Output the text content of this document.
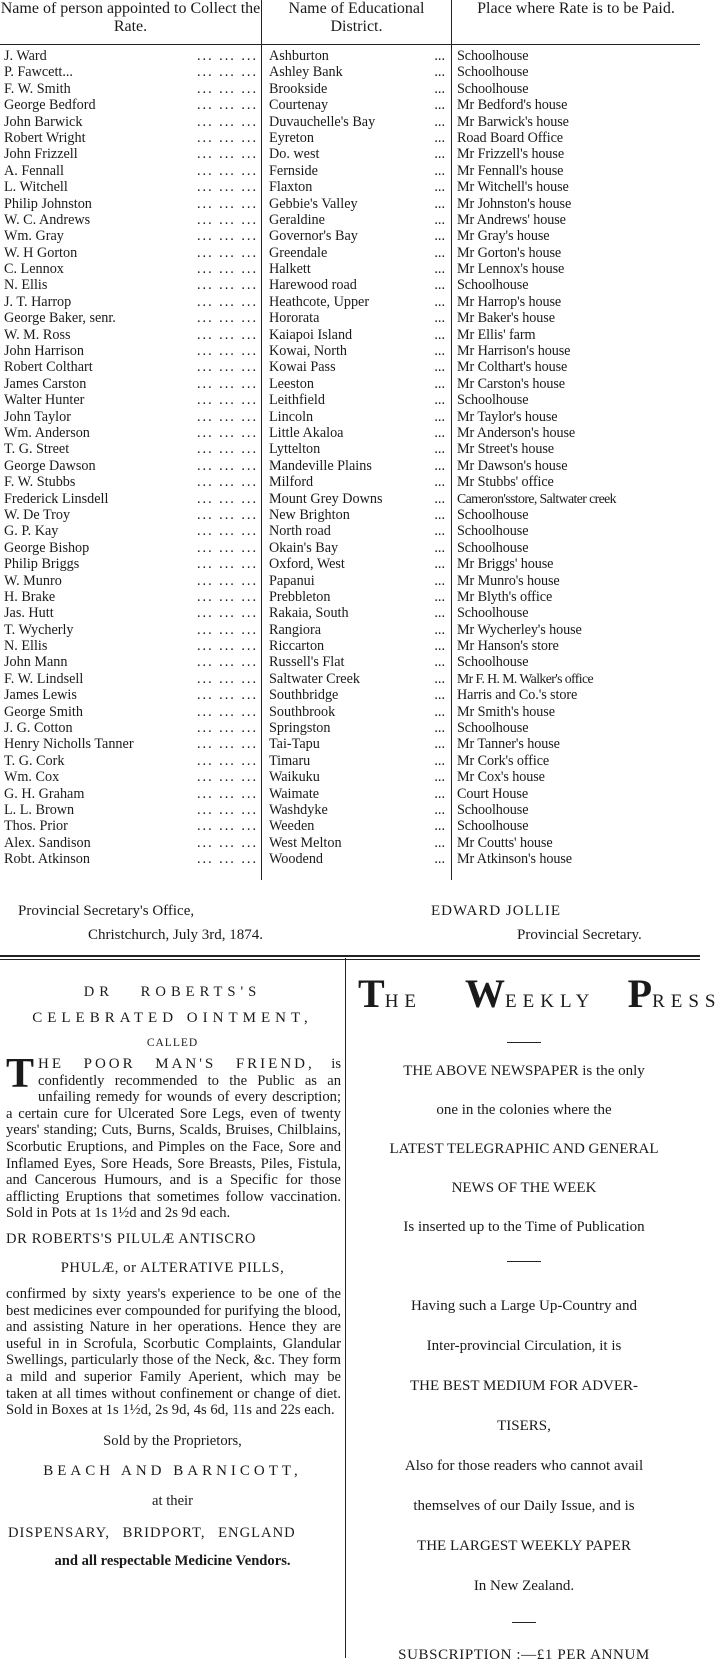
Name of person appointed to Collect the Rate.
Name of Educational District.
Place where Rate is to be Paid.
J. Ward	... ... ... Ashburton	... Schoolhouse
P. Fawcett...	... ... ... Ashley Bank	... Schoolhouse
F. W. Smith	... ... ... Brookside	... Schoolhouse
George Bedford	... ... ... Courtenay	... Mr Bedford's house
John Barwick	... ... ... Duvauchelle's Bay	... Mr Barwick's house
Robert Wright	... ... ... Eyreton	... Road Board Office
John Frizzell	... ... ... Do. west	... Mr Frizzell's house
A. Fennall	... ... ... Fernside	... Mr Fennall's house
L. Witchell	... ... ... Flaxton	... Mr Witchell's house
Philip Johnston	... ... ... Gebbie's Valley	... Mr Johnston's house
W. C. Andrews	... ... ... Geraldine	... Mr Andrews' house
Wm. Gray	... ... ... Governor's Bay	... Mr Gray's house
W. H Gorton	... ... ... Greendale	... Mr Gorton's house
C. Lennox	... ... ... Halkett	... Mr Lennox's house
N. Ellis	... ... ... Harewood road	... Schoolhouse
J. T. Harrop	... ... ... Heathcote, Upper	... Mr Harrop's house
George Baker, senr.	... ... ... Hororata	... Mr Baker's house
W. M. Ross	... ... ... Kaiapoi Island	... Mr Ellis' farm
John Harrison	... ... ... Kowai, North	... Mr Harrison's house
Robert Colthart	... ... ... Kowai Pass	... Mr Colthart's house
James Carston	... ... ... Leeston	... Mr Carston's house
Walter Hunter	... ... ... Leithfield	... Schoolhouse
John Taylor	... ... ... Lincoln	... Mr Taylor's house
Wm. Anderson	... ... ... Little Akaloa	... Mr Anderson's house
T. G. Street	... ... ... Lyttelton	... Mr Street's house
George Dawson	... ... ... Mandeville Plains	... Mr Dawson's house
F. W. Stubbs	... ... ... Milford	... Mr Stubbs' office
Frederick Linsdell	... ... ... Mount Grey Downs	... Cameron'sstore, Saltwater creek
W. De Troy	... ... ... New Brighton	... Schoolhouse
G. P. Kay	... ... ... North road	... Schoolhouse
George Bishop	... ... ... Okain's Bay	... Schoolhouse
Philip Briggs	... ... ... Oxford, West	... Mr Briggs' house
W. Munro	... ... ... Papanui	... Mr Munro's house
H. Brake	... ... ... Prebbleton	... Mr Blyth's office
Jas. Hutt	... ... ... Rakaia, South	... Schoolhouse
T. Wycherly	... ... ... Rangiora	... Mr Wycherley's house
N. Ellis	... ... ... Riccarton	... Mr Hanson's store
John Mann	... ... ... Russell's Flat	... Schoolhouse
F. W. Lindsell	... ... ... Saltwater Creek	... Mr F. H. M. Walker's office
James Lewis	... ... ... Southbridge	... Harris and Co.'s store
George Smith	... ... ... Southbrook	... Mr Smith's house
J. G. Cotton	... ... ... Springston	... Schoolhouse
Henry Nicholls Tanner	... ... ... Tai-Tapu	... Mr Tanner's house
T. G. Cork	... ... ... Timaru	... Mr Cork's office
Wm. Cox	... ... ... Waikuku	... Mr Cox's house
G. H. Graham	... ... ... Waimate	... Court House
L. L. Brown	... ... ... Washdyke	... Schoolhouse
Thos. Prior	... ... ... Weeden	... Schoolhouse
Alex. Sandison	... ... ... West Melton	... Mr Coutts' house
Robt. Atkinson	... ... ... Woodend	... Mr Atkinson's house
Provincial Secretary's Office,
Christchurch, July 3rd, 1874.
EDWARD JOLLIE
Provincial Secretary.
DR ROBERTS'S
CELEBRATED OINTMENT,
CALLED
T HE POOR MAN'S FRIEND, is confidently recommended to the Public as an unfailing remedy for wounds of every description; a certain cure for Ulcerated Sore Legs, even of twenty years' standing; Cuts, Burns, Scalds, Bruises, Chilblains, Scorbutic Eruptions, and Pimples on the Face, Sore and Inflamed Eyes, Sore Heads, Sore Breasts, Piles, Fistula, and Cancerous Humours, and is a Specific for those afflicting Eruptions that sometimes follow vaccination. Sold in Pots at 1s 1½d and 2s 9d each.
DR ROBERTS'S PILULÆ ANTISCRO
PHULÆ, or ALTERATIVE PILLS,
confirmed by sixty years's experience to be one of the best medicines ever compounded for purifying the blood, and assisting Nature in her operations. Hence they are useful in in Scrofula, Scorbutic Complaints, Glandular Swellings, particularly those of the Neck, &c. They form a mild and superior Family Aperient, which may be taken at all times without confinement or change of diet. Sold in Boxes at 1s 1½d, 2s 9d, 4s 6d, 11s and 22s each.
Sold by the Proprietors,
BEACH AND BARNICOTT,
at their
DISPENSARY, BRIDPORT, ENGLAND
and all respectable Medicine Vendors.
THE WEEKLY PRESS
THE ABOVE NEWSPAPER is the only
one in the colonies where the
LATEST TELEGRAPHIC AND GENERAL
NEWS OF THE WEEK
Is inserted up to the Time of Publication
Having such a Large Up-Country and
Inter-provincial Circulation, it is
THE BEST MEDIUM FOR ADVER-
TISERS,
Also for those readers who cannot avail
themselves of our Daily Issue, and is
THE LARGEST WEEKLY PAPER
In New Zealand.
SUBSCRIPTION :—£1 PER ANNUM
